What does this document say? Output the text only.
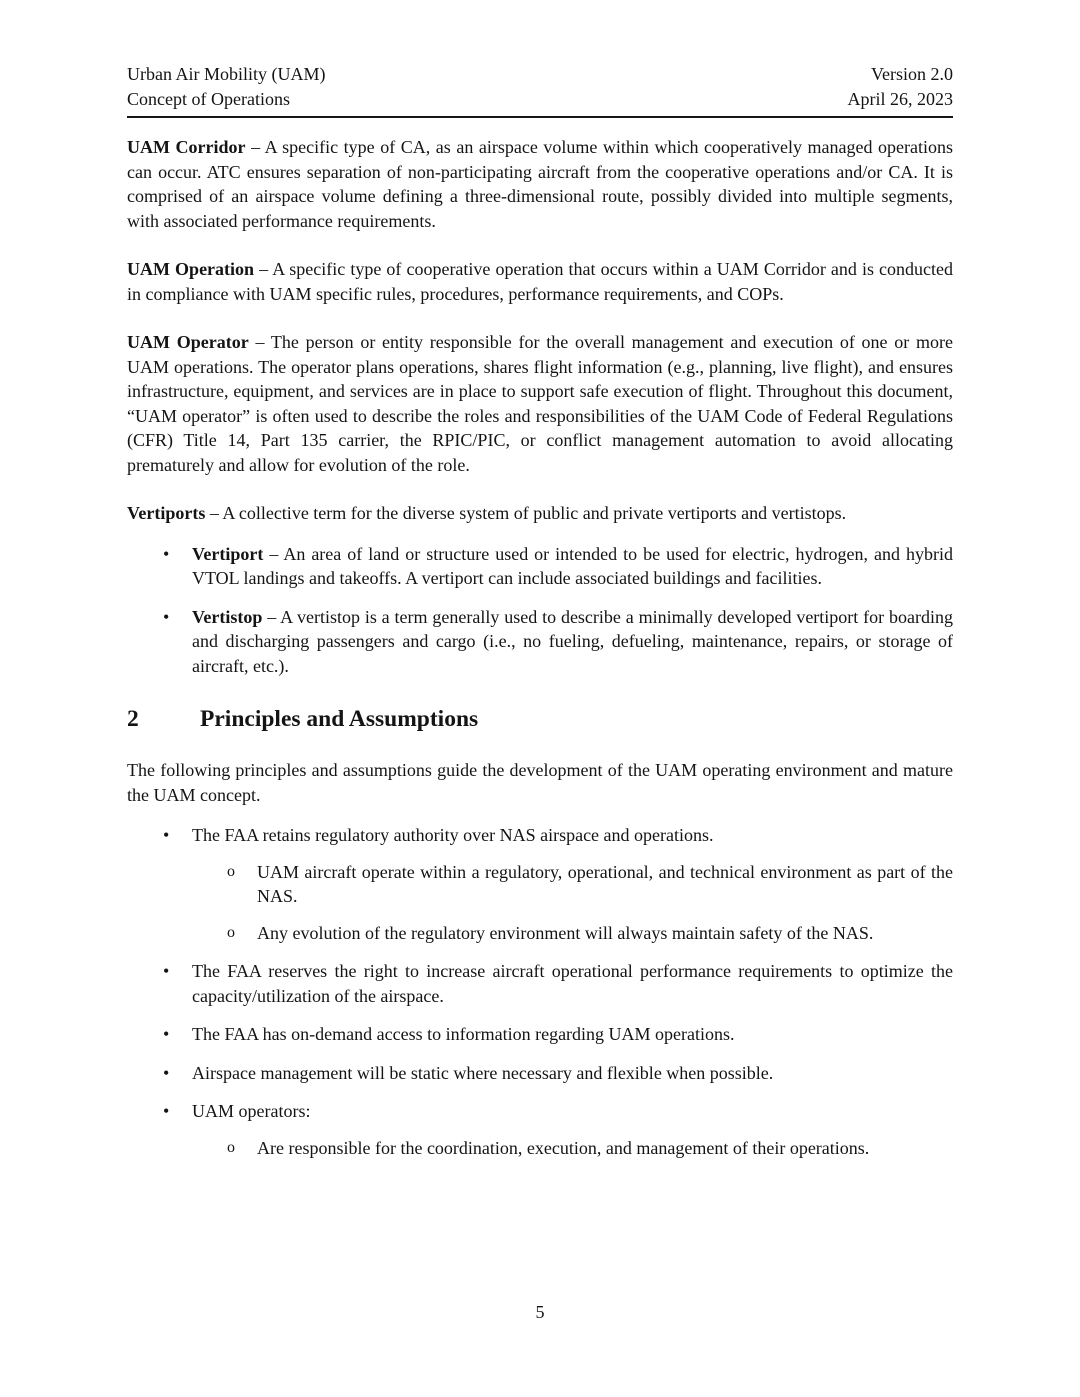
Urban Air Mobility (UAM)
Concept of Operations
Version 2.0
April 26, 2023

UAM Corridor – A specific type of CA, as an airspace volume within which cooperatively managed operations can occur. ATC ensures separation of non-participating aircraft from the cooperative operations and/or CA. It is comprised of an airspace volume defining a three-dimensional route, possibly divided into multiple segments, with associated performance requirements.

UAM Operation – A specific type of cooperative operation that occurs within a UAM Corridor and is conducted in compliance with UAM specific rules, procedures, performance requirements, and COPs.

UAM Operator – The person or entity responsible for the overall management and execution of one or more UAM operations. The operator plans operations, shares flight information (e.g., planning, live flight), and ensures infrastructure, equipment, and services are in place to support safe execution of flight. Throughout this document, “UAM operator” is often used to describe the roles and responsibilities of the UAM Code of Federal Regulations (CFR) Title 14, Part 135 carrier, the RPIC/PIC, or conflict management automation to avoid allocating prematurely and allow for evolution of the role.

Vertiports – A collective term for the diverse system of public and private vertiports and vertistops.

•	Vertiport – An area of land or structure used or intended to be used for electric, hydrogen, and hybrid VTOL landings and takeoffs. A vertiport can include associated buildings and facilities.
•	Vertistop – A vertistop is a term generally used to describe a minimally developed vertiport for boarding and discharging passengers and cargo (i.e., no fueling, defueling, maintenance, repairs, or storage of aircraft, etc.).
2	Principles and Assumptions

The following principles and assumptions guide the development of the UAM operating environment and mature the UAM concept.

•	The FAA retains regulatory authority over NAS airspace and operations.
o	UAM aircraft operate within a regulatory, operational, and technical environment as part of the NAS.
o	Any evolution of the regulatory environment will always maintain safety of the NAS.
•	The FAA reserves the right to increase aircraft operational performance requirements to optimize the capacity/utilization of the airspace.
•	The FAA has on-demand access to information regarding UAM operations.
•	Airspace management will be static where necessary and flexible when possible.
•	UAM operators:
o	Are responsible for the coordination, execution, and management of their operations.
5
